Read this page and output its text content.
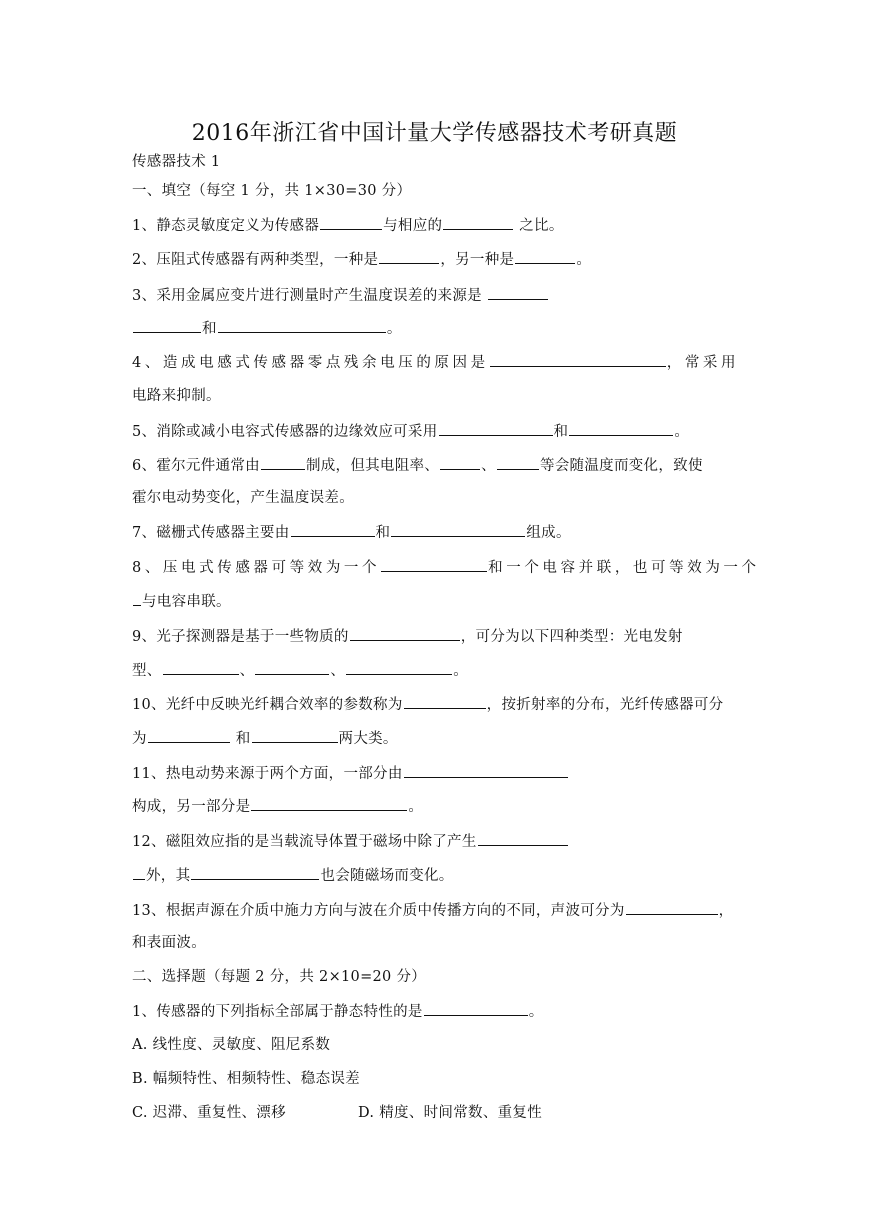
2016年浙江省中国计量大学传感器技术考研真题
传感器技术 1
一、填空（每空 1 分，共 1×30=30 分）
1、静态灵敏度定义为传感器	与相应的	之比。
2、压阻式传感器有两种类型，一种是	，另一种是	。
3、采用金属应变片进行测量时产生温度误差的来源是
和	。
4、造成电感式传感器零点残余电压的原因是	，常采用
电路来抑制。
5、消除或减小电容式传感器的边缘效应可采用	和	。
6、霍尔元件通常由	制成，但其电阻率、	、	等会随温度而变化，致使
霍尔电动势变化，产生温度误差。
7、磁栅式传感器主要由	和	组成。
8、压电式传感器可等效为一个	和一个电容并联，也可等效为一个
与电容串联。
9、光子探测器是基于一些物质的	，可分为以下四种类型：光电发射
型、	、	、	。
10、光纤中反映光纤耦合效率的参数称为	，按折射率的分布，光纤传感器可分
为	和	两大类。
11、热电动势来源于两个方面，一部分由
构成，另一部分是	。
12、磁阻效应指的是当载流导体置于磁场中除了产生
外，其	也会随磁场而变化。
13、根据声源在介质中施力方向与波在介质中传播方向的不同，声波可分为	，
和表面波。
二、选择题（每题 2 分，共 2×10=20 分）
1、传感器的下列指标全部属于静态特性的是	。
A. 线性度、灵敏度、阻尼系数
B. 幅频特性、相频特性、稳态误差
C. 迟滞、重复性、漂移	D. 精度、时间常数、重复性
